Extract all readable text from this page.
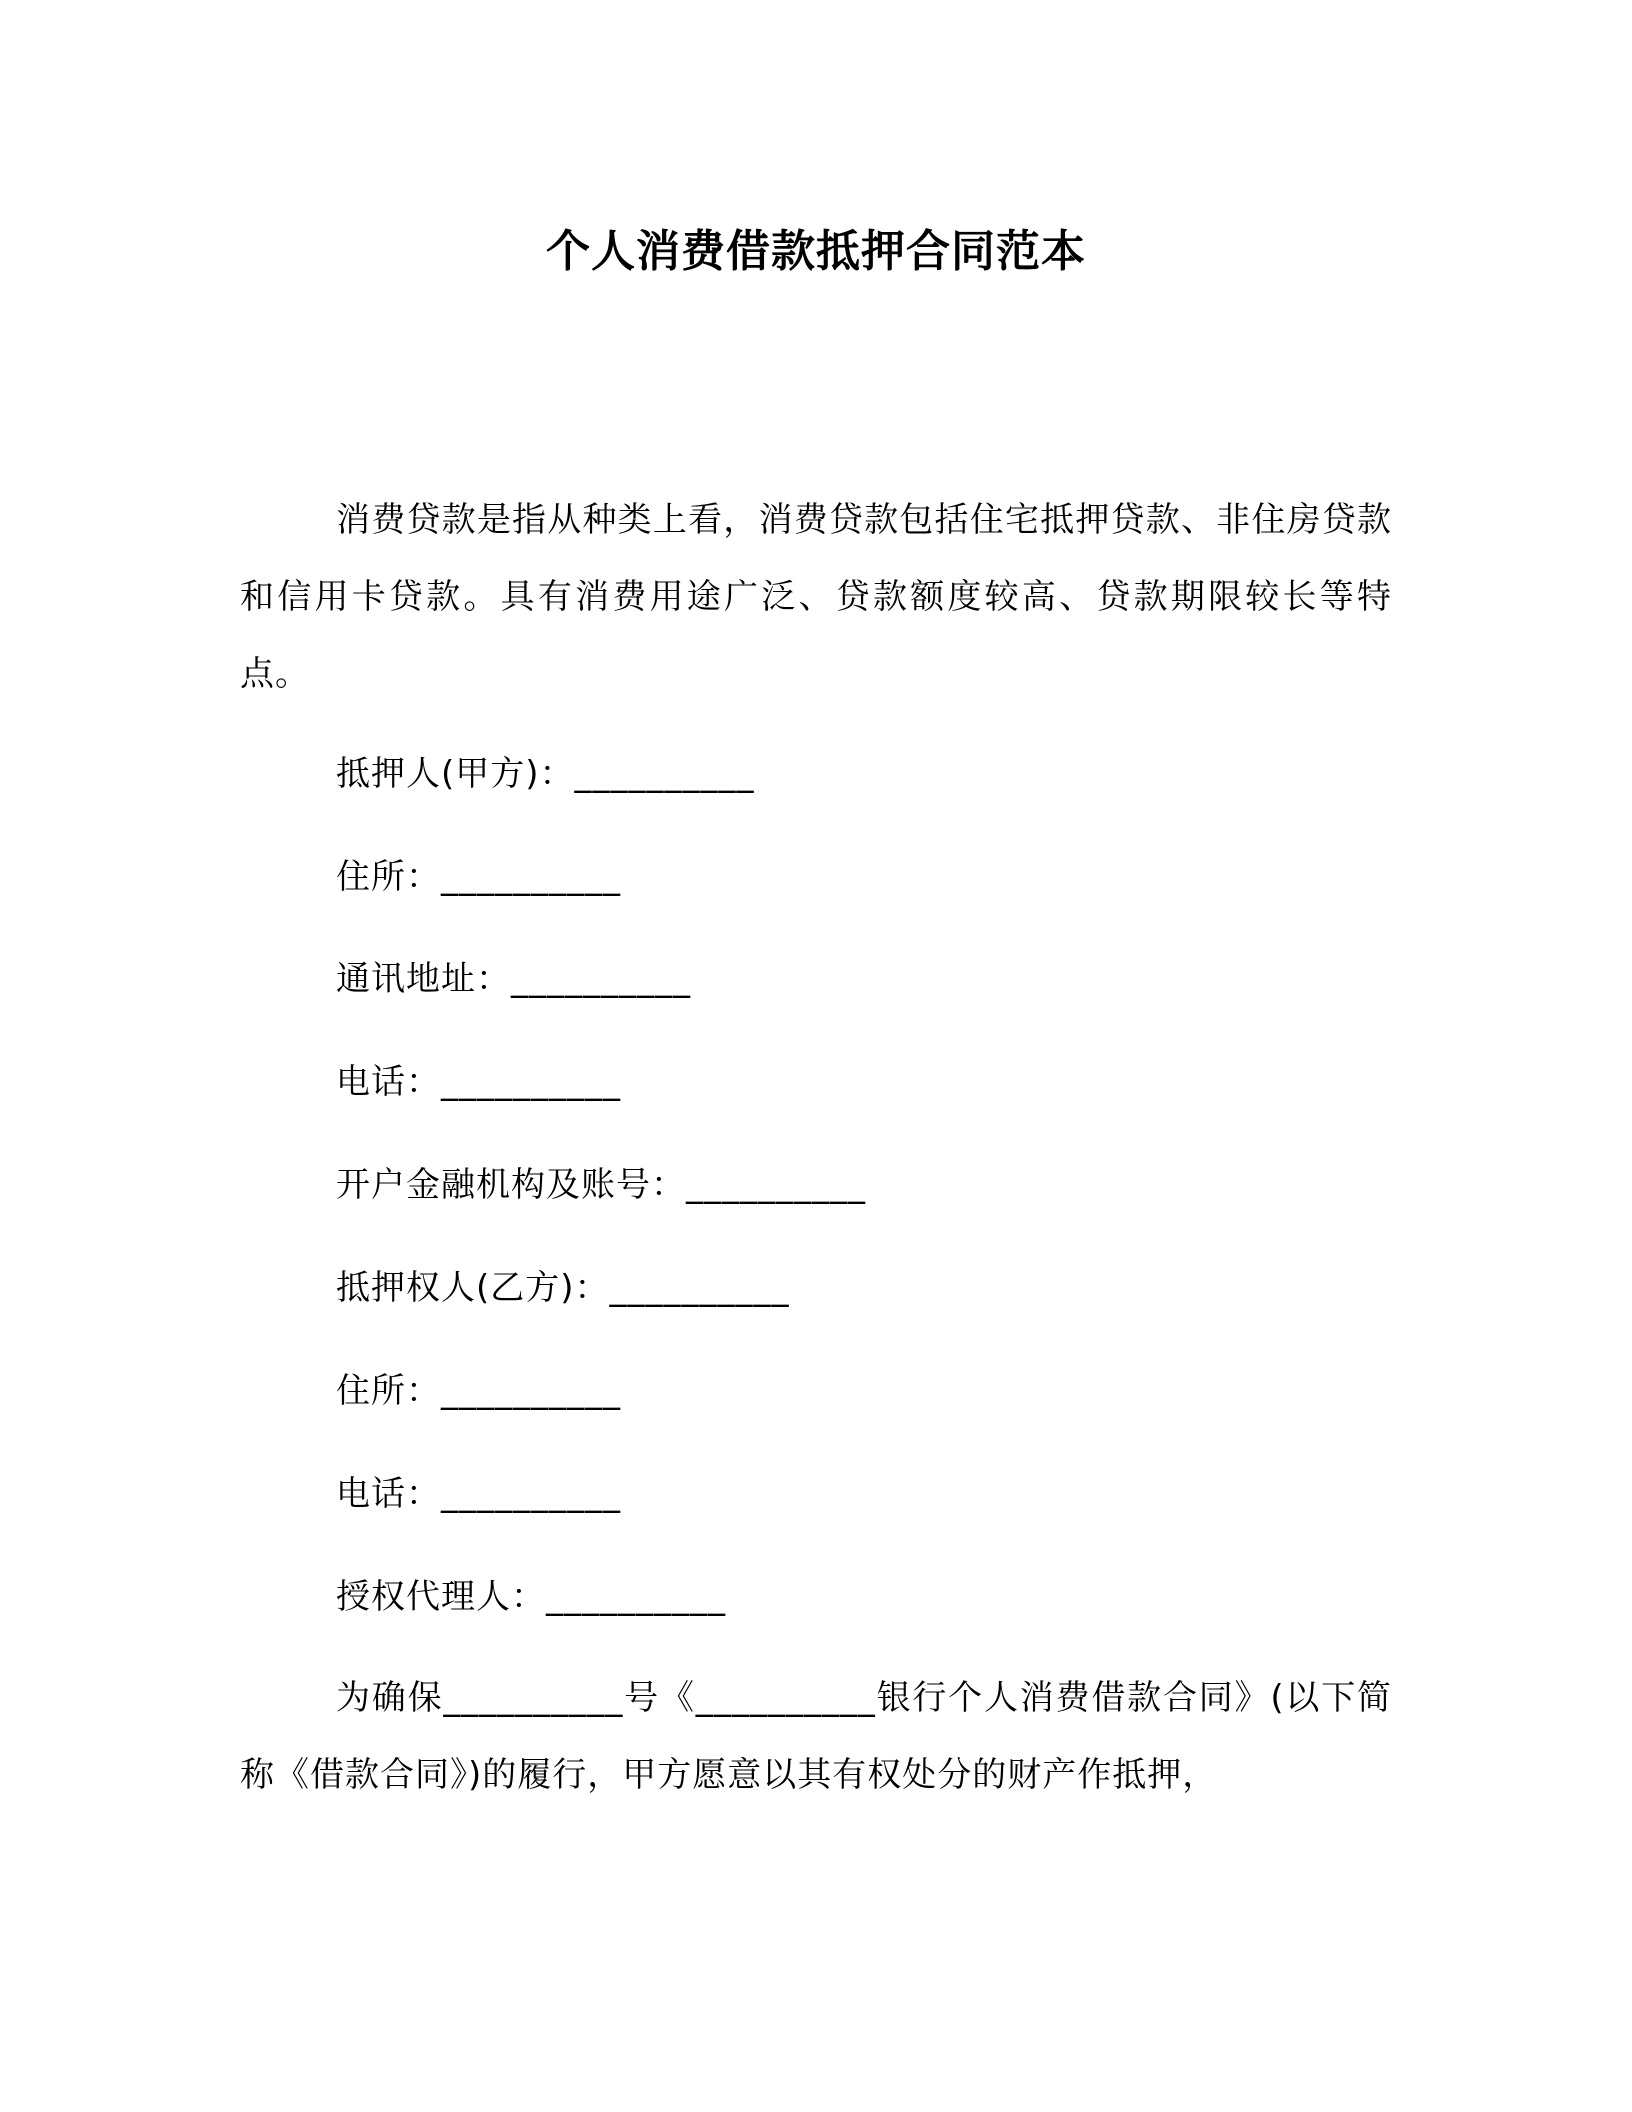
个人消费借款抵押合同范本

消费贷款是指从种类上看，消费贷款包括住宅抵押贷款、非住房贷款和信用卡贷款。具有消费用途广泛、贷款额度较高、贷款期限较长等特点。

抵押人(甲方)：__________

住所：__________

通讯地址：__________

电话：__________

开户金融机构及账号：__________

抵押权人(乙方)：__________

住所：__________

电话：__________

授权代理人：__________

为确保__________号《__________银行个人消费借款合同》(以下简称《借款合同》)的履行，甲方愿意以其有权处分的财产作抵押，
